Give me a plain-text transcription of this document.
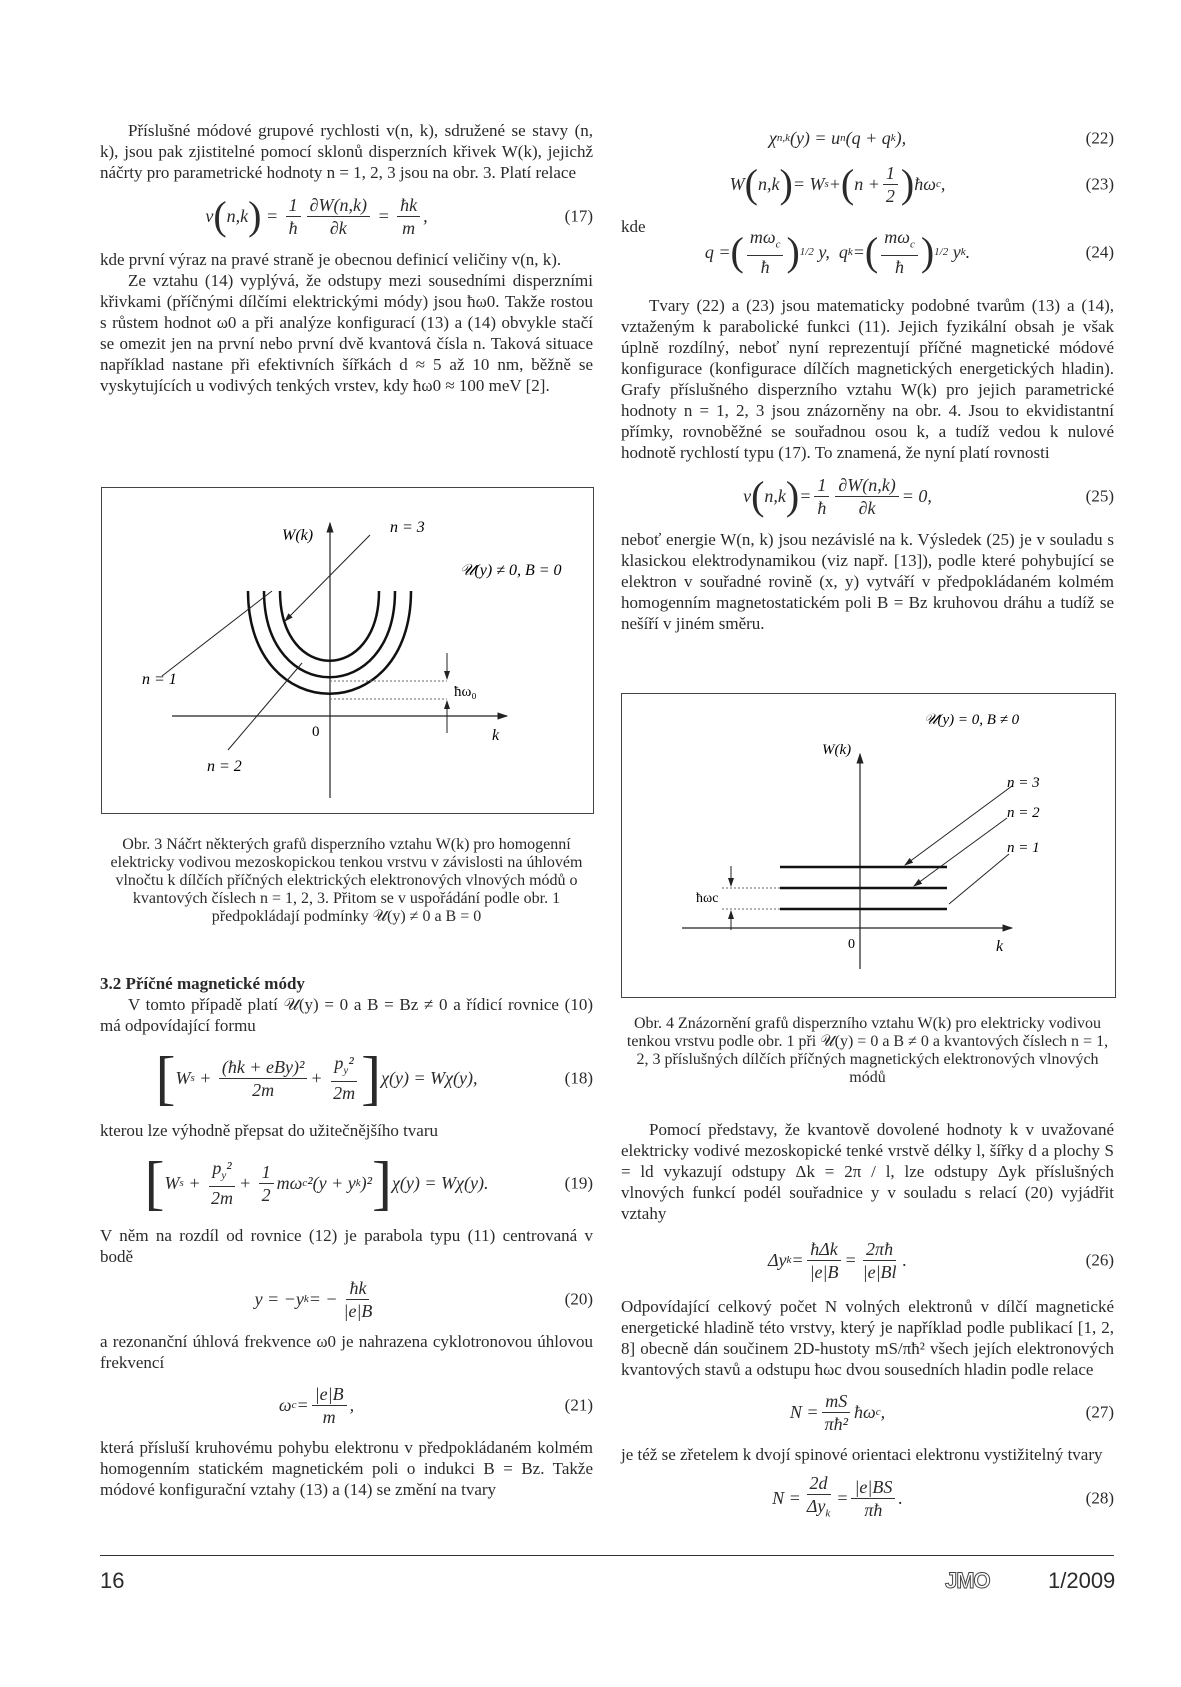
Příslušné módové grupové rychlosti v(n, k), sdružené se stavy (n, k), jsou pak zjistitelné pomocí sklonů disperzních křivek W(k), jejichž náčrty pro parametrické hodnoty n = 1, 2, 3 jsou na obr. 3. Platí relace

v ( n,k ) = $\frac{1}{ħ} \frac{\partial W(n,k)}{\partial k} = \frac{ħk}{m}$ ,	(17)

kde první výraz na pravé straně je obecnou definicí veličiny v(n, k).

Ze vztahu (14) vyplývá, že odstupy mezi sousedními disperzními křivkami (příčnými dílčími elektrickými módy) jsou ħω0. Takže rostou s růstem hodnot ω0 a při analýze konfigurací (13) a (14) obvykle stačí se omezit jen na první nebo první dvě kvantová čísla n. Taková situace například nastane při efektivních šířkách d ≈ 5 až 10 nm, běžně se vyskytujících u vodivých tenkých vrstev, kdy ħω0 ≈ 100 meV [2].

W(k)
k
0
𝒰(y) ≠ 0, B = 0
n = 1
n = 2
n = 3
ħω₀
Obr. 3 Náčrt některých grafů disperzního vztahu W(k) pro homogenní elektricky vodivou mezoskopickou tenkou vrstvu v závislosti na úhlovém vlnočtu k dílčích příčných elektrických elektronových vlnových módů o kvantových číslech n = 1, 2, 3. Přitom se v uspořádání podle obr. 1 předpokládají podmínky 𝒰(y) ≠ 0 a B = 0

3.2 Příčné magnetické módy

V tomto případě platí 𝒰(y) = 0 a B = Bz ≠ 0 a řídicí rovnice (10) má odpovídající formu

[ W $s + \frac{\text{(ħk + eBy)²}}{2m} + \frac{p_y^2}{2m}$ ] χ(y) = Wχ(y),	(18)

kterou lze výhodně přepsat do užitečnějšího tvaru

[ W $s + \frac{p_y^2}{2m} + \frac{1}{2}$ mω c ²(y + y k )² ] χ(y) = Wχ(y).	(19)

V něm na rozdíl od rovnice (12) je parabola typu (11) centrovaná v bodě

y = −y k = − $\frac{ħk}{|e|B}$	(20)

a rezonanční úhlová frekvence ω0 je nahrazena cyklotronovou úhlovou frekvencí

ω $c = \frac{|e|B}{m}$ ,	(21)

která přísluší kruhovému pohybu elektronu v předpokládaném kolmém homogenním statickém magnetickém poli o indukci B = Bz. Takže módové konfigurační vztahy (13) a (14) se změní na tvary

χ n,k (y) = u n (q + q k ),	(22)
W ( n,k ) = W s + ( $n + \frac{1}{2}$ ) ħω c ,	(23)

kde

q = ( $\frac{m\omega_c}{ħ}$ ) 1/2 y,  q k = ( $\frac{m\omega_c}{ħ}$ ) 1/2 y k .	(24)

Tvary (22) a (23) jsou matematicky podobné tvarům (13) a (14), vztaženým k parabolické funkci (11). Jejich fyzikální obsah je však úplně rozdílný, neboť nyní reprezentují příčné magnetické módové konfigurace (konfigurace dílčích magnetických energetických hladin). Grafy příslušného disperzního vztahu W(k) pro jejich parametrické hodnoty n = 1, 2, 3 jsou znázorněny na obr. 4. Jsou to ekvidistantní přímky, rovnoběžné se souřadnou osou k, a tudíž vedou k nulové hodnotě rychlostí typu (17). To znamená, že nyní platí rovnosti

v ( n,k ) = $\frac{1}{ħ} \frac{\partial W(n,k)}{\partial k} = 0$,	(25)

neboť energie W(n, k) jsou nezávislé na k. Výsledek (25) je v souladu s klasickou elektrodynamikou (viz např. [13]), podle které pohybující se elektron v souřadné rovině (x, y) vytváří v předpokládaném kolmém homogenním magnetostatickém poli B = Bz kruhovou dráhu a tudíž se nešíří v jiném směru.

W(k)
k
0
𝒰(y) = 0, B ≠ 0
n = 3
n = 2
n = 1
ħωc
Obr. 4 Znázornění grafů disperzního vztahu W(k) pro elektricky vodivou tenkou vrstvu podle obr. 1 při 𝒰(y) = 0 a B ≠ 0 a kvantových číslech n = 1, 2, 3 příslušných dílčích příčných magnetických elektronových vlnových módů

Pomocí představy, že kvantově dovolené hodnoty k v uvažované elektricky vodivé mezoskopické tenké vrstvě délky l, šířky d a plochy S = ld vykazují odstupy Δk = 2π / l, lze odstupy Δyk příslušných vlnových funkcí podél souřadnice y v souladu s relací (20) vyjádřit vztahy

Δy $k = \frac{\text{ħΔk}}{|e|B} = \frac{2\pi ħ}{|e|Bl}$ .	(26)

Odpovídající celkový počet N volných elektronů v dílčí magnetické energetické hladině této vrstvy, který je například podle publikací [1, 2, 8] obecně dán součinem 2D-hustoty mS/πħ² všech jejích elektronových kvantových stavů a odstupu ħωc dvou sousedních hladin podle relace

$N = \frac{mS}{\text{πħ²}}$ ħω c ,	(27)

je též se zřetelem k dvojí spinové orientaci elektronu vystižitelný tvary

$N = \frac{2d}{\Delta y_k} = \frac{|e|BS}{\pi ħ}$ .	(28)
16	JMO	1/2009
